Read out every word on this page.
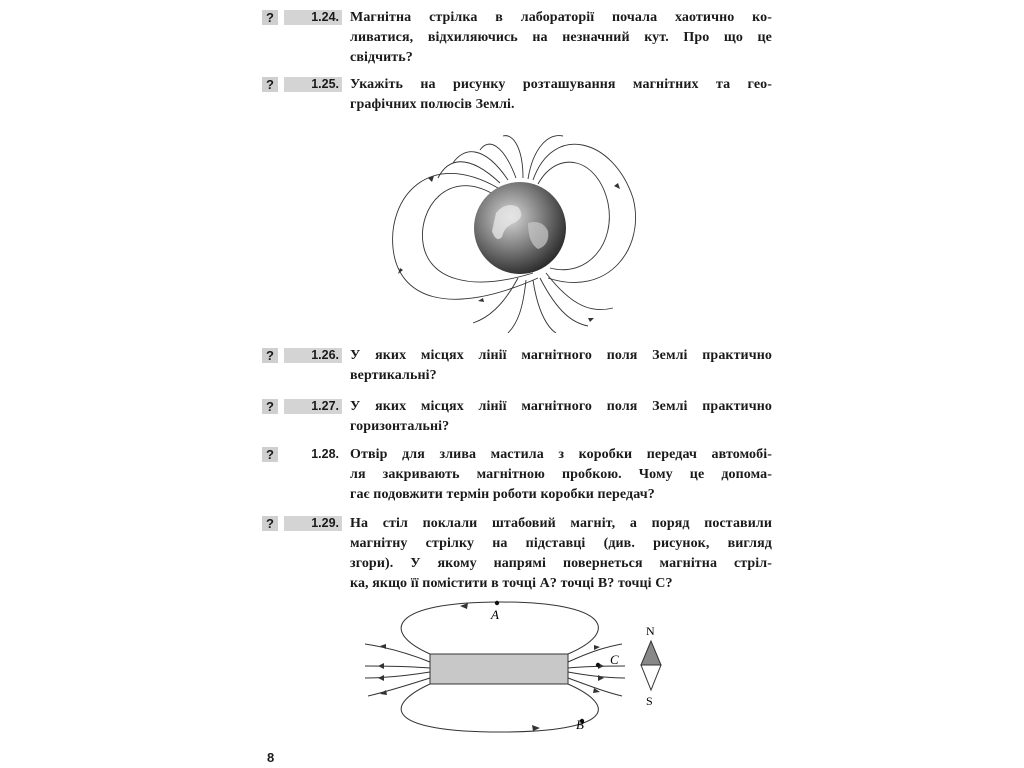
?	1.24. Магнітна стрілка в лабораторії почала хаотично ко-

ливатися, відхиляючись на незначний кут. Про що це

свідчить?

?	1.25. Укажіть на рисунку розташування магнітних та гео-

графічних полюсів Землі.

?	1.26. У яких місцях лінії магнітного поля Землі практично

вертикальні?

?	1.27. У яких місцях лінії магнітного поля Землі практично

горизонтальні?

?	1.28. Отвір для злива мастила з коробки передач автомобі-

ля закривають магнітною пробкою. Чому це допома-

гає подовжити термін роботи коробки передач?

?	1.29. На стіл поклали штабовий магніт, а поряд поставили

магнітну стрілку на підставці (див. рисунок, вигляд

згори). У якому напрямі повернеться магнітна стріл-

ка, якщо її помістити в точці A? точці B? точці C?

A
B
C
N
S
8
